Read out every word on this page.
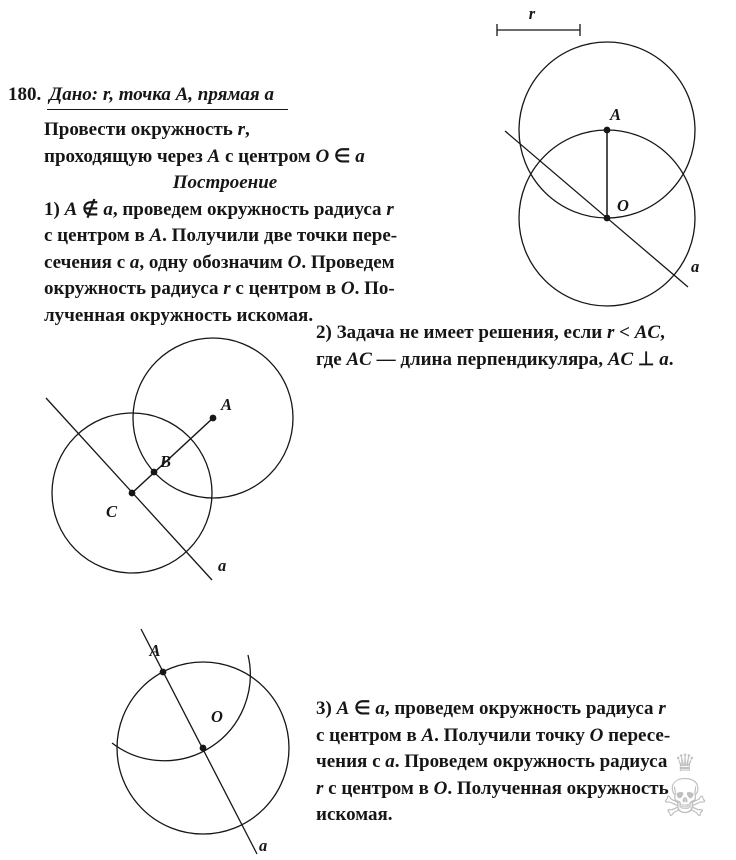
r
A
O
a
180. Дано: r, точка A, прямая a
Провести окружность r,
проходящую через A с центром O ∈ a
Построение
1) A ∉ a, проведем окружность радиуса r
с центром в A. Получили две точки пере-
сечения с a, одну обозначим O. Проведем
окружность радиуса r с центром в O. По-
лученная окружность искомая.
2) Задача не имеет решения, если r < AC,
где AC — длина перпендикуляра, AC ⊥ a.
A
B
C
a
A
O
a
3) A ∈ a, проведем окружность радиуса r
с центром в A. Получили точку O пересе-
чения с a. Проведем окружность радиуса
r с центром в O. Полученная окружность
искомая.
♛
☠
